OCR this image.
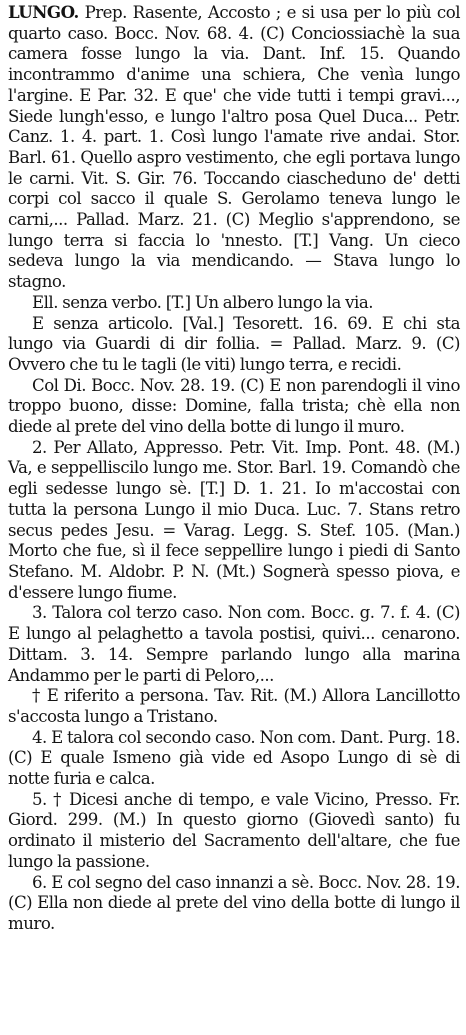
LUNGO. Prep. Rasente, Accosto ; e si usa per lo più col quarto caso. Bocc. Nov. 68. 4. (C) Conciossiachè la sua camera fosse lungo la via. Dant. Inf. 15. Quando incontrammo d'anime una schiera, Che venìa lungo l'argine. E Par. 32. E que' che vide tutti i tempi gravi..., Siede lungh'esso, e lungo l'altro posa Quel Duca... Petr. Canz. 1. 4. part. 1. Così lungo l'amate rive andai. Stor. Barl. 61. Quello aspro vestimento, che egli portava lungo le carni. Vit. S. Gir. 76. Toccando ciascheduno de' detti corpi col sacco il quale S. Gerolamo teneva lungo le carni,... Pallad. Marz. 21. (C) Meglio s'apprendono, se lungo terra si faccia lo 'nnesto. [T.] Vang. Un cieco sedeva lungo la via mendicando. — Stava lungo lo stagno.

Ell. senza verbo. [T.] Un albero lungo la via.

E senza articolo. [Val.] Tesorett. 16. 69. E chi sta lungo via Guardi di dir follia. = Pallad. Marz. 9. (C) Ovvero che tu le tagli (le viti) lungo terra, e recidi.

Col Di. Bocc. Nov. 28. 19. (C) E non parendogli il vino troppo buono, disse: Domine, falla trista; chè ella non diede al prete del vino della botte di lungo il muro.

2. Per Allato, Appresso. Petr. Vit. Imp. Pont. 48. (M.) Va, e seppelliscilo lungo me. Stor. Barl. 19. Comandò che egli sedesse lungo sè. [T.] D. 1. 21. Io m'accostai con tutta la persona Lungo il mio Duca. Luc. 7. Stans retro secus pedes Jesu. = Varag. Legg. S. Stef. 105. (Man.) Morto che fue, sì il fece seppellire lungo i piedi di Santo Stefano. M. Aldobr. P. N. (Mt.) Sognerà spesso piova, e d'essere lungo fiume.

3. Talora col terzo caso. Non com. Bocc. g. 7. f. 4. (C) E lungo al pelaghetto a tavola postisi, quivi... cenarono. Dittam. 3. 14. Sempre parlando lungo alla marina Andammo per le parti di Peloro,...

† E riferito a persona. Tav. Rit. (M.) Allora Lancillotto s'accosta lungo a Tristano.

4. E talora col secondo caso. Non com. Dant. Purg. 18. (C) E quale Ismeno già vide ed Asopo Lungo di sè di notte furia e calca.

5. † Dicesi anche di tempo, e vale Vicino, Presso. Fr. Giord. 299. (M.) In questo giorno (Giovedì santo) fu ordinato il misterio del Sacramento dell'altare, che fue lungo la passione.

6. E col segno del caso innanzi a sè. Bocc. Nov. 28. 19. (C) Ella non diede al prete del vino della botte di lungo il muro.
